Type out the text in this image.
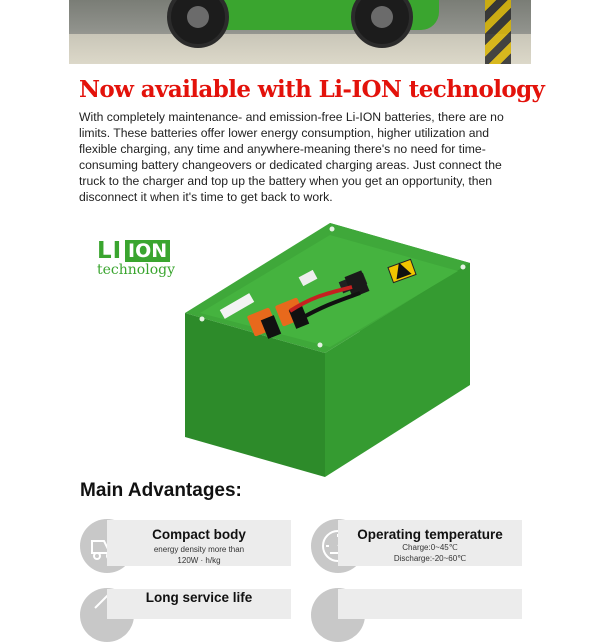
Now available with Li-ION technology

With completely maintenance- and emission-free Li-ION batteries, there are no limits. These batteries offer lower energy consumption, higher utilization and flexible charging, any time and anywhere-meaning there's no need for time-consuming battery changeovers or dedicated charging areas. Just connect the truck to the charger and top up the battery when you get an opportunity, then disconnect it when it's time to get back to work.

LI ION
technology
Main Advantages:
Compact body
energy density more than
120W · h/kg
Operating temperature
Charge:0~45℃
Discharge:-20~60℃
Long service life
